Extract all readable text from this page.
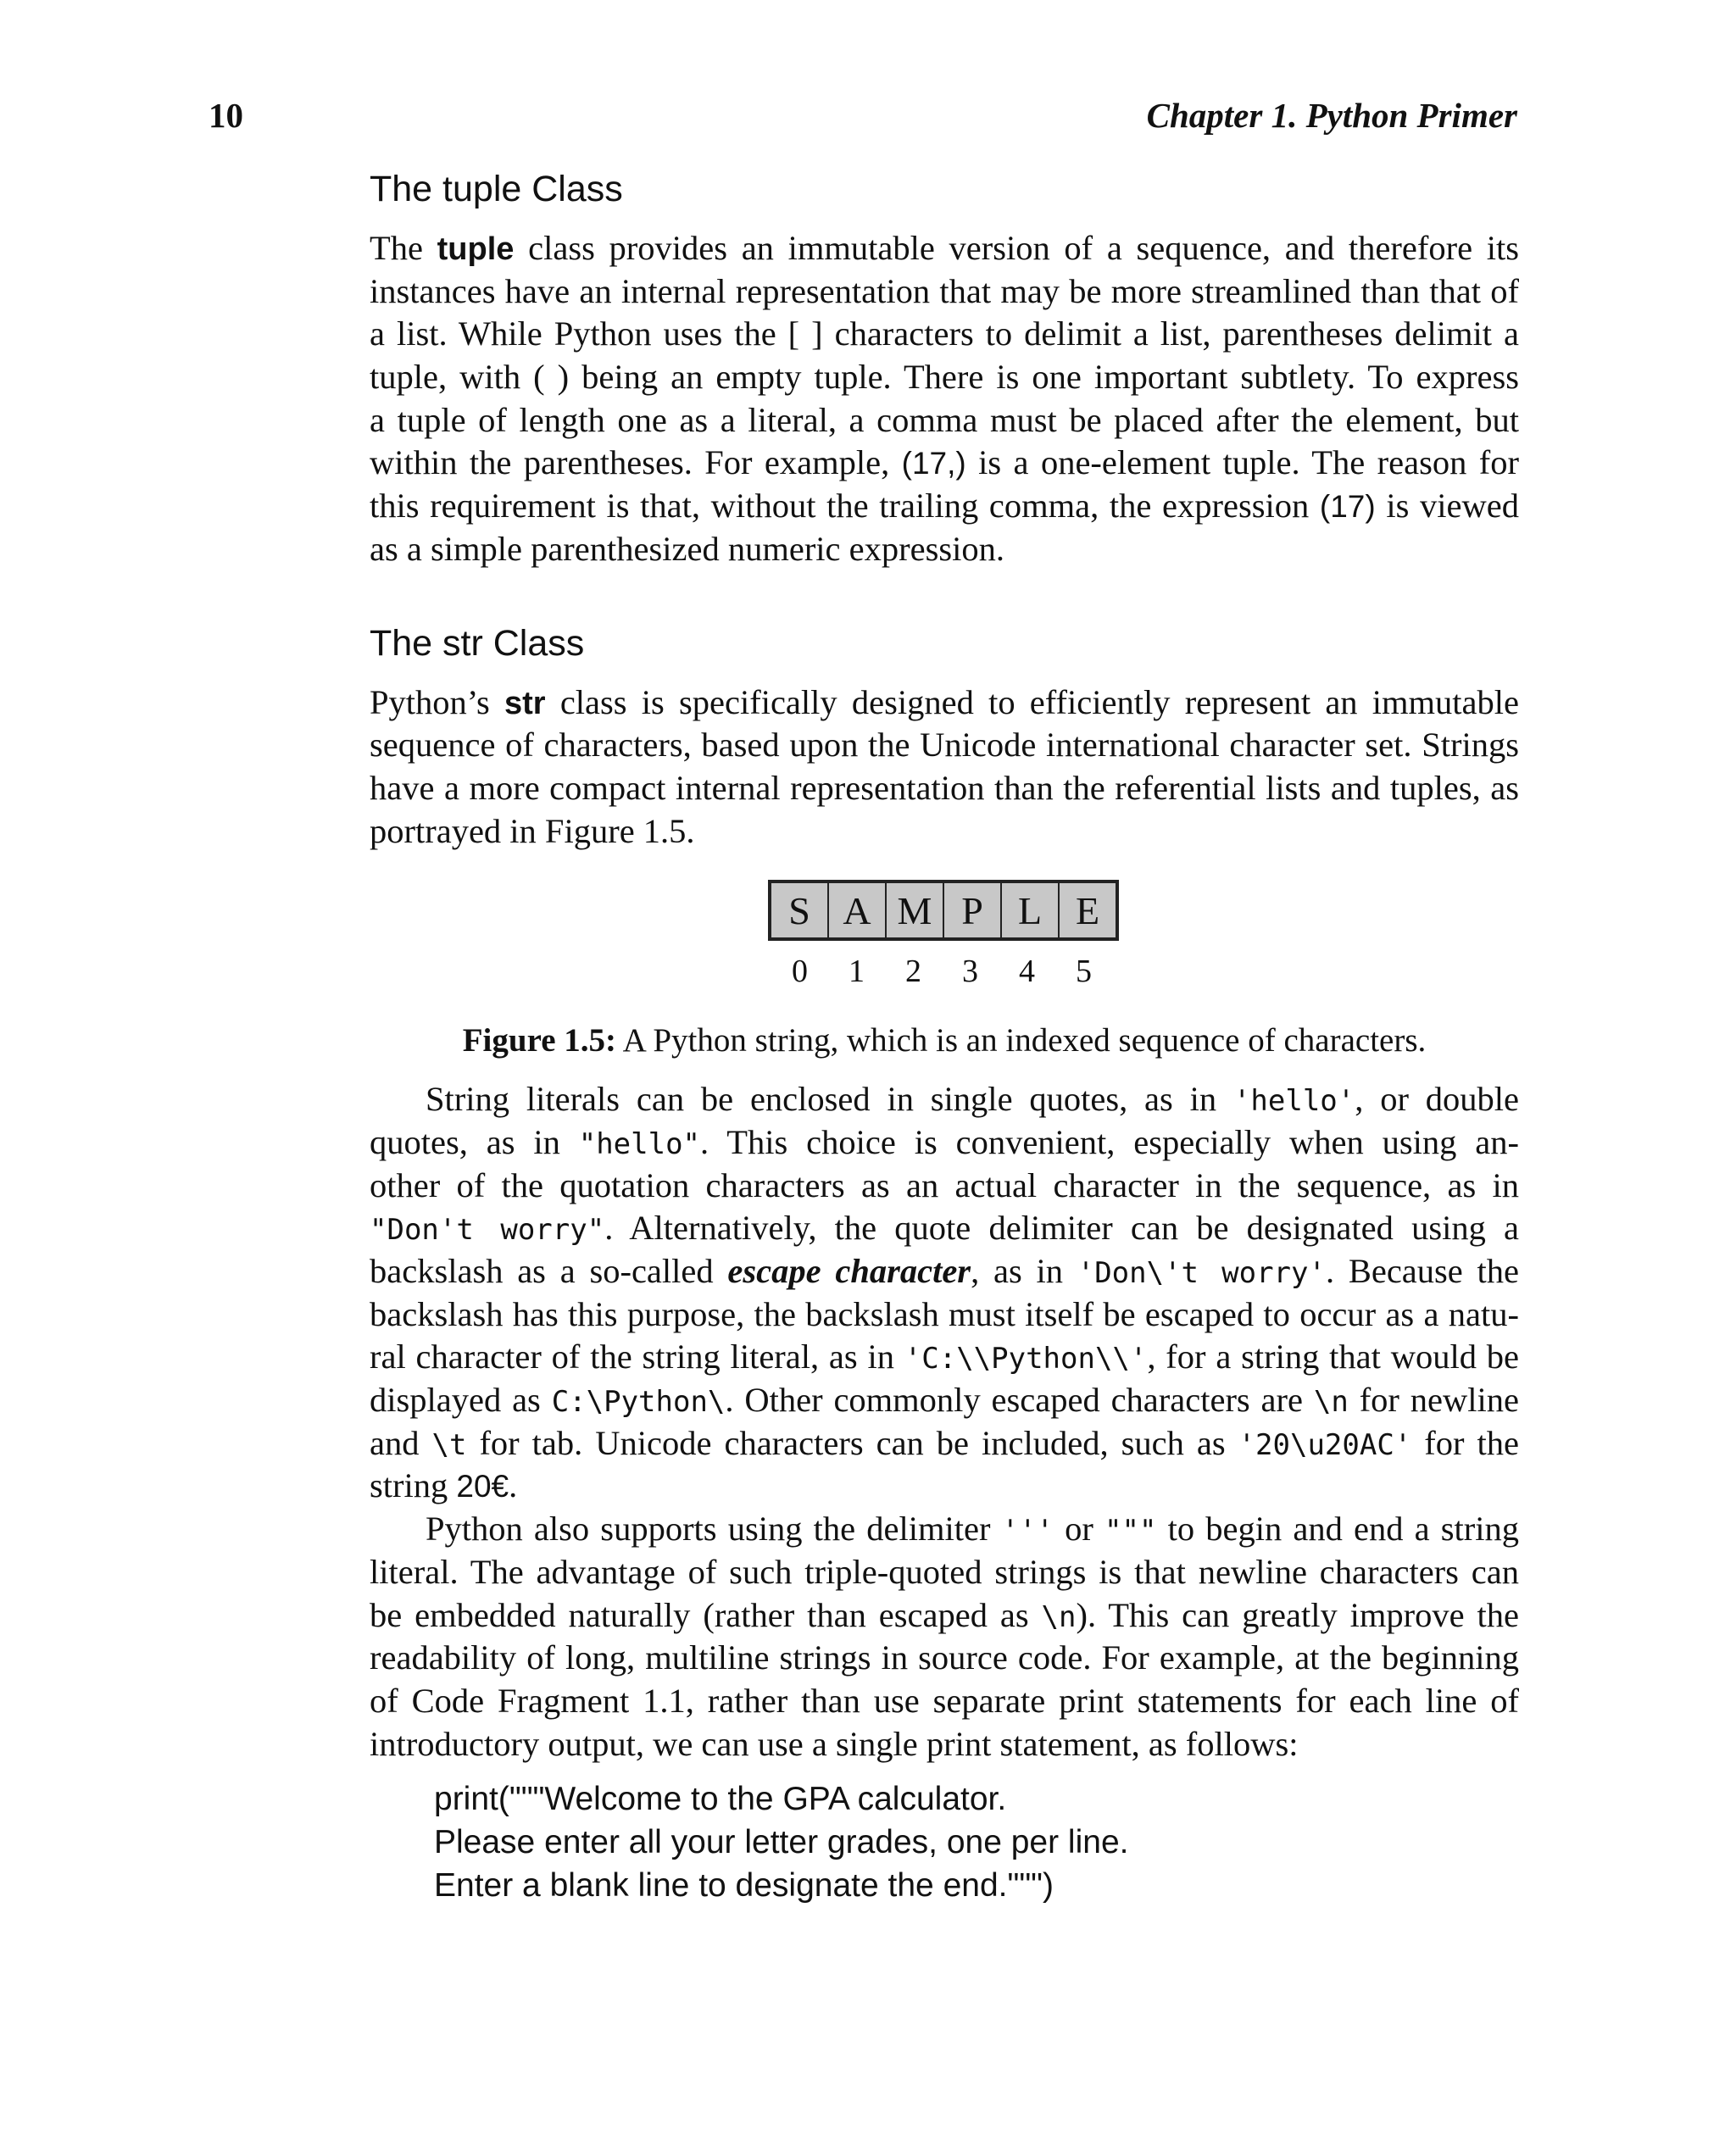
10	Chapter 1. Python Primer
The tuple Class
The tuple class provides an immutable version of a sequence, and therefore its
instances have an internal representation that may be more streamlined than that of
a list. While Python uses the [ ] characters to delimit a list, parentheses delimit a
tuple, with ( ) being an empty tuple. There is one important subtlety. To express
a tuple of length one as a literal, a comma must be placed after the element, but
within the parentheses. For example, (17,) is a one-element tuple. The reason for
this requirement is that, without the trailing comma, the expression (17) is viewed
as a simple parenthesized numeric expression.
The str Class
Python’s str class is specifically designed to efficiently represent an immutable
sequence of characters, based upon the Unicode international character set. Strings
have a more compact internal representation than the referential lists and tuples, as
portrayed in Figure 1.5.
S A M P L E
0	1	2	3	4	5

Figure 1.5: A Python string, which is an indexed sequence of characters.

String literals can be enclosed in single quotes, as in 'hello', or double
quotes, as in "hello". This choice is convenient, especially when using an-
other of the quotation characters as an actual character in the sequence, as in
"Don't worry". Alternatively, the quote delimiter can be designated using a
backslash as a so-called escape character, as in 'Don\'t worry'. Because the
backslash has this purpose, the backslash must itself be escaped to occur as a natu-
ral character of the string literal, as in 'C:\\Python\\', for a string that would be
displayed as C:\Python\. Other commonly escaped characters are \n for newline
and \t for tab. Unicode characters can be included, such as '20\u20AC' for the
string 20€.
Python also supports using the delimiter ''' or """ to begin and end a string
literal. The advantage of such triple-quoted strings is that newline characters can
be embedded naturally (rather than escaped as \n). This can greatly improve the
readability of long, multiline strings in source code. For example, at the beginning
of Code Fragment 1.1, rather than use separate print statements for each line of
introductory output, we can use a single print statement, as follows:
print("""Welcome to the GPA calculator.
Please enter all your letter grades, one per line.
Enter a blank line to designate the end.""")
